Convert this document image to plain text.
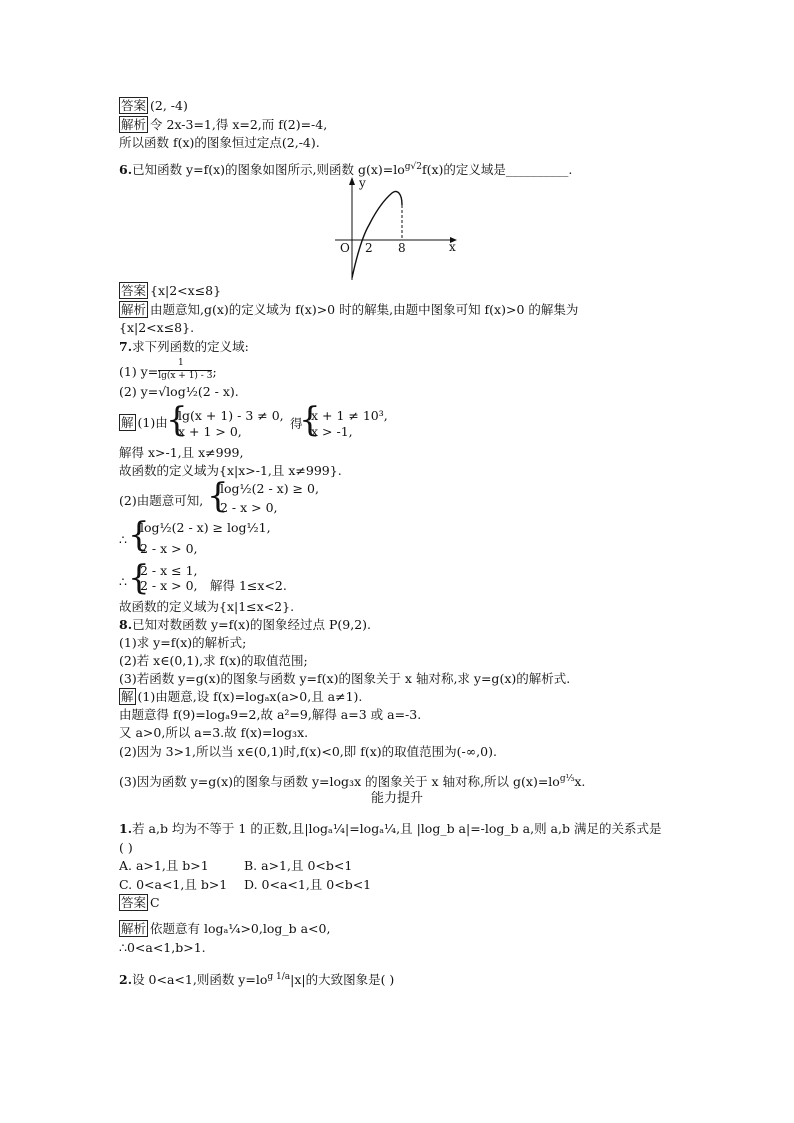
答案 (2, -4)
解析 令 2x-3=1,得 x=2,而 f(2)=-4,
所以函数 f(x)的图象恒过定点(2,-4).
6.已知函数 y=f(x)的图象如图所示,则函数 $g(x)=lo^{g√2}f(x)$的定义域是__________.
y
x
O 2 8
答案 {x|2<x≤8}
解析 由题意知,g(x)的定义域为 f(x)>0 时的解集,由题中图象可知 f(x)>0 的解集为
{x|2<x≤8}.
7.求下列函数的定义域:
1
(1) y=lg(x + 1) - 3;
(2) y=√log½(2 - x).
解 (1)由
{
lg(x + 1) - 3 ≠ 0,
x + 1 > 0,
得
{
x + 1 ≠ 10³,
x > -1,
解得 x>-1,且 x≠999,
故函数的定义域为{x|x>-1,且 x≠999}.
(2)由题意可知, {
log½(2 - x) ≥ 0,
2 - x > 0,
∴ {
log½(2 - x) ≥ log½1,
2 - x > 0,
∴ {
2 - x ≤ 1,
2 - x > 0, 解得 1≤x<2.
故函数的定义域为{x|1≤x<2}.
8.已知对数函数 y=f(x)的图象经过点 P(9,2).
(1)求 y=f(x)的解析式;
(2)若 x∈(0,1),求 f(x)的取值范围;
(3)若函数 y=g(x)的图象与函数 y=f(x)的图象关于 x 轴对称,求 y=g(x)的解析式.
解 (1)由题意,设 f(x)=logₐx(a>0,且 a≠1).
由题意得 f(9)=logₐ9=2,故 a²=9,解得 a=3 或 a=-3.
又 a>0,所以 a=3.故 f(x)=log₃x.
(2)因为 3>1,所以当 x∈(0,1)时,f(x)<0,即 f(x)的取值范围为(-∞,0).
(3)因为函数 y=g(x)的图象与函数 y=log₃x 的图象关于 x 轴对称,所以 $g(x)=lo^{g\frac{1}{3}}x$.
能力提升
1.若 a,b 均为不等于 1 的正数,且|logₐ¼|=logₐ¼,且 |log_b a|=-log_b a,则 a,b 满足的关系式是
( )
A. a>1,且 b>1	B. a>1,且 0<b<1
C. 0<a<1,且 b>1 D. 0<a<1,且 0<b<1
答案 C
解析 依题意有 logₐ¼>0,log_b a<0,
∴0<a<1,b>1.
2.设 0<a<1,则函数 $y=lo^{g 1/a}|x|$的大致图象是( )
